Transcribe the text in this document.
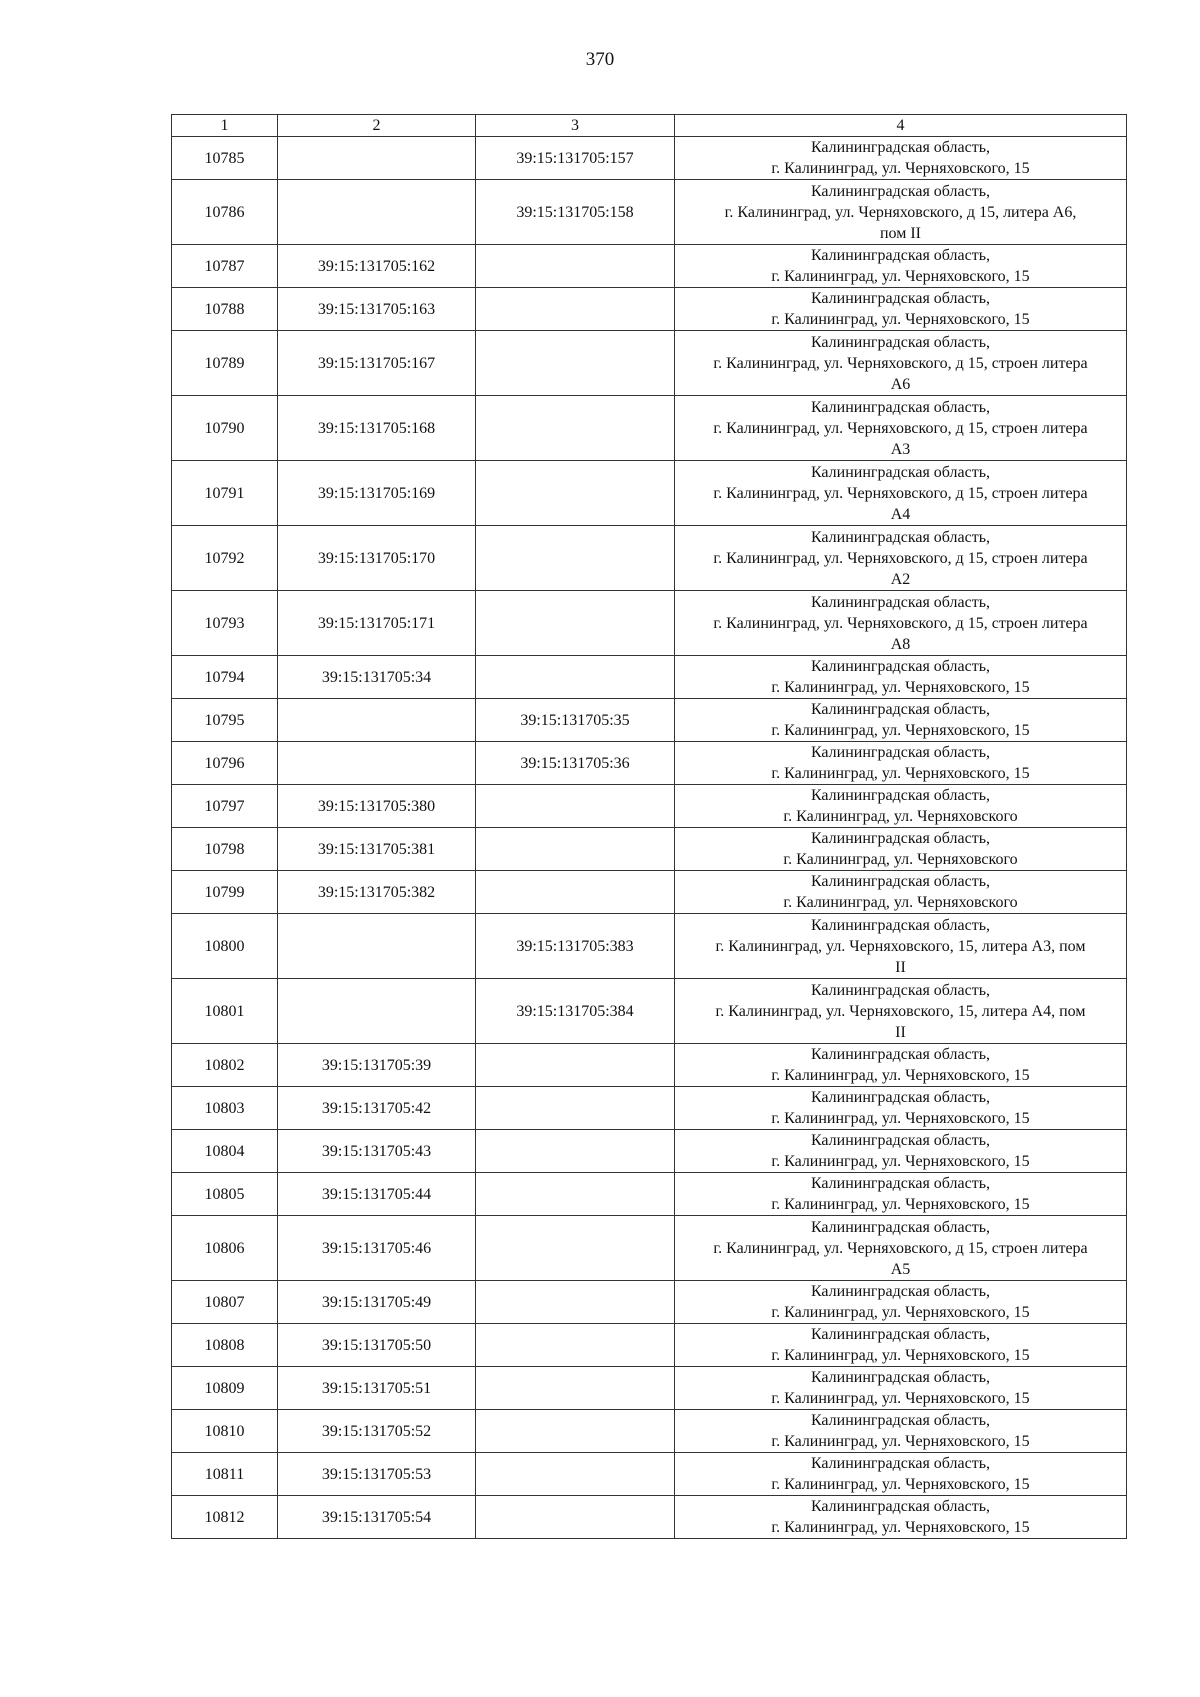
370
1	2	3	4
10785		39:15:131705:157	Калининградская область,
г. Калининград, ул. Черняховского, 15

10786		39:15:131705:158	Калининградская область,
г. Калининград, ул. Черняховского, д 15, литера А6,
пом II

10787	39:15:131705:162		Калининградская область,
г. Калининград, ул. Черняховского, 15

10788	39:15:131705:163		Калининградская область,
г. Калининград, ул. Черняховского, 15

10789	39:15:131705:167		Калининградская область,
г. Калининград, ул. Черняховского, д 15, строен литера
А6

10790	39:15:131705:168		Калининградская область,
г. Калининград, ул. Черняховского, д 15, строен литера
А3

10791	39:15:131705:169		Калининградская область,
г. Калининград, ул. Черняховского, д 15, строен литера
А4

10792	39:15:131705:170		Калининградская область,
г. Калининград, ул. Черняховского, д 15, строен литера
А2

10793	39:15:131705:171		Калининградская область,
г. Калининград, ул. Черняховского, д 15, строен литера
А8

10794	39:15:131705:34		Калининградская область,
г. Калининград, ул. Черняховского, 15

10795		39:15:131705:35	Калининградская область,
г. Калининград, ул. Черняховского, 15

10796		39:15:131705:36	Калининградская область,
г. Калининград, ул. Черняховского, 15

10797	39:15:131705:380		Калининградская область,
г. Калининград, ул. Черняховского

10798	39:15:131705:381		Калининградская область,
г. Калининград, ул. Черняховского

10799	39:15:131705:382		Калининградская область,
г. Калининград, ул. Черняховского

10800		39:15:131705:383	Калининградская область,
г. Калининград, ул. Черняховского, 15, литера А3, пом
II

10801		39:15:131705:384	Калининградская область,
г. Калининград, ул. Черняховского, 15, литера А4, пом
II

10802	39:15:131705:39		Калининградская область,
г. Калининград, ул. Черняховского, 15

10803	39:15:131705:42		Калининградская область,
г. Калининград, ул. Черняховского, 15

10804	39:15:131705:43		Калининградская область,
г. Калининград, ул. Черняховского, 15

10805	39:15:131705:44		Калининградская область,
г. Калининград, ул. Черняховского, 15

10806	39:15:131705:46		Калининградская область,
г. Калининград, ул. Черняховского, д 15, строен литера
А5

10807	39:15:131705:49		Калининградская область,
г. Калининград, ул. Черняховского, 15

10808	39:15:131705:50		Калининградская область,
г. Калининград, ул. Черняховского, 15

10809	39:15:131705:51		Калининградская область,
г. Калининград, ул. Черняховского, 15

10810	39:15:131705:52		Калининградская область,
г. Калининград, ул. Черняховского, 15

10811	39:15:131705:53		Калининградская область,
г. Калининград, ул. Черняховского, 15

10812	39:15:131705:54		Калининградская область,
г. Калининград, ул. Черняховского, 15
